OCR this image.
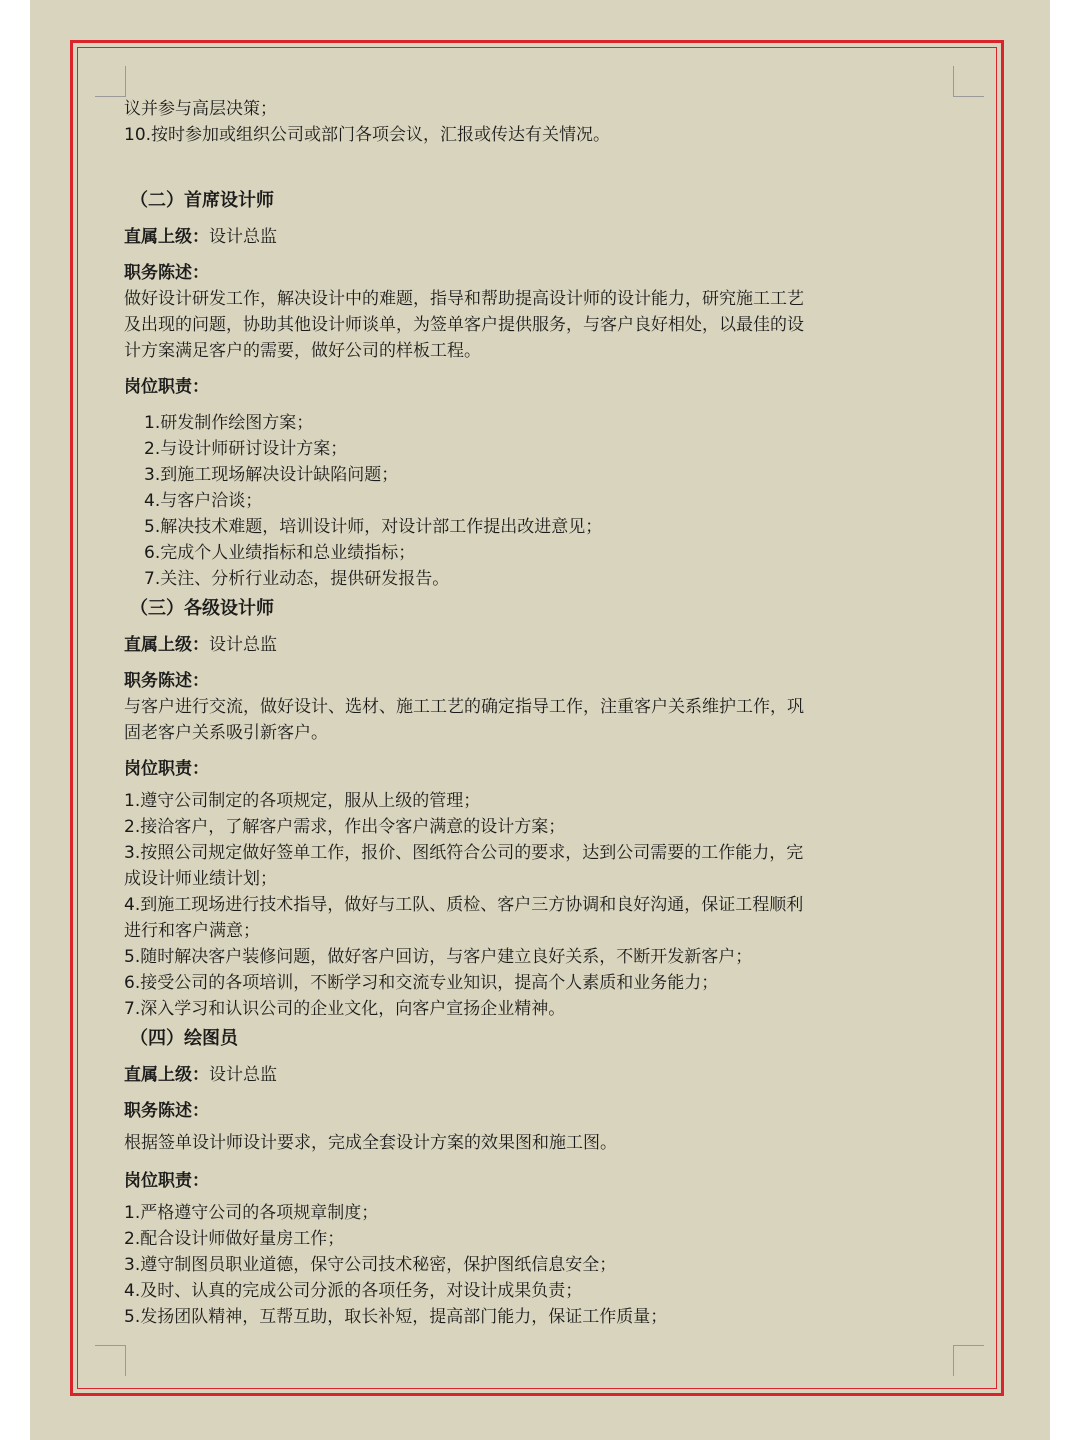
议并参与高层决策；

10.按时参加或组织公司或部门各项会议，汇报或传达有关情况。

（二）首席设计师

直属上级：设计总监

职务陈述：

做好设计研发工作，解决设计中的难题，指导和帮助提高设计师的设计能力，研究施工工艺

及出现的问题，协助其他设计师谈单，为签单客户提供服务，与客户良好相处，以最佳的设

计方案满足客户的需要，做好公司的样板工程。

岗位职责：

1.研发制作绘图方案；

2.与设计师研讨设计方案；

3.到施工现场解决设计缺陷问题；

4.与客户洽谈；

5.解决技术难题，培训设计师，对设计部工作提出改进意见；

6.完成个人业绩指标和总业绩指标；

7.关注、分析行业动态，提供研发报告。

（三）各级设计师

直属上级：设计总监

职务陈述：

与客户进行交流，做好设计、选材、施工工艺的确定指导工作，注重客户关系维护工作，巩

固老客户关系吸引新客户。

岗位职责：

1.遵守公司制定的各项规定，服从上级的管理；

2.接洽客户，了解客户需求，作出令客户满意的设计方案；

3.按照公司规定做好签单工作，报价、图纸符合公司的要求，达到公司需要的工作能力，完

成设计师业绩计划；

4.到施工现场进行技术指导，做好与工队、质检、客户三方协调和良好沟通，保证工程顺利

进行和客户满意；

5.随时解决客户装修问题，做好客户回访，与客户建立良好关系，不断开发新客户；

6.接受公司的各项培训，不断学习和交流专业知识，提高个人素质和业务能力；

7.深入学习和认识公司的企业文化，向客户宣扬企业精神。

（四）绘图员

直属上级：设计总监

职务陈述：

根据签单设计师设计要求，完成全套设计方案的效果图和施工图。

岗位职责：

1.严格遵守公司的各项规章制度；

2.配合设计师做好量房工作；

3.遵守制图员职业道德，保守公司技术秘密，保护图纸信息安全；

4.及时、认真的完成公司分派的各项任务，对设计成果负责；

5.发扬团队精神，互帮互助，取长补短，提高部门能力，保证工作质量；
